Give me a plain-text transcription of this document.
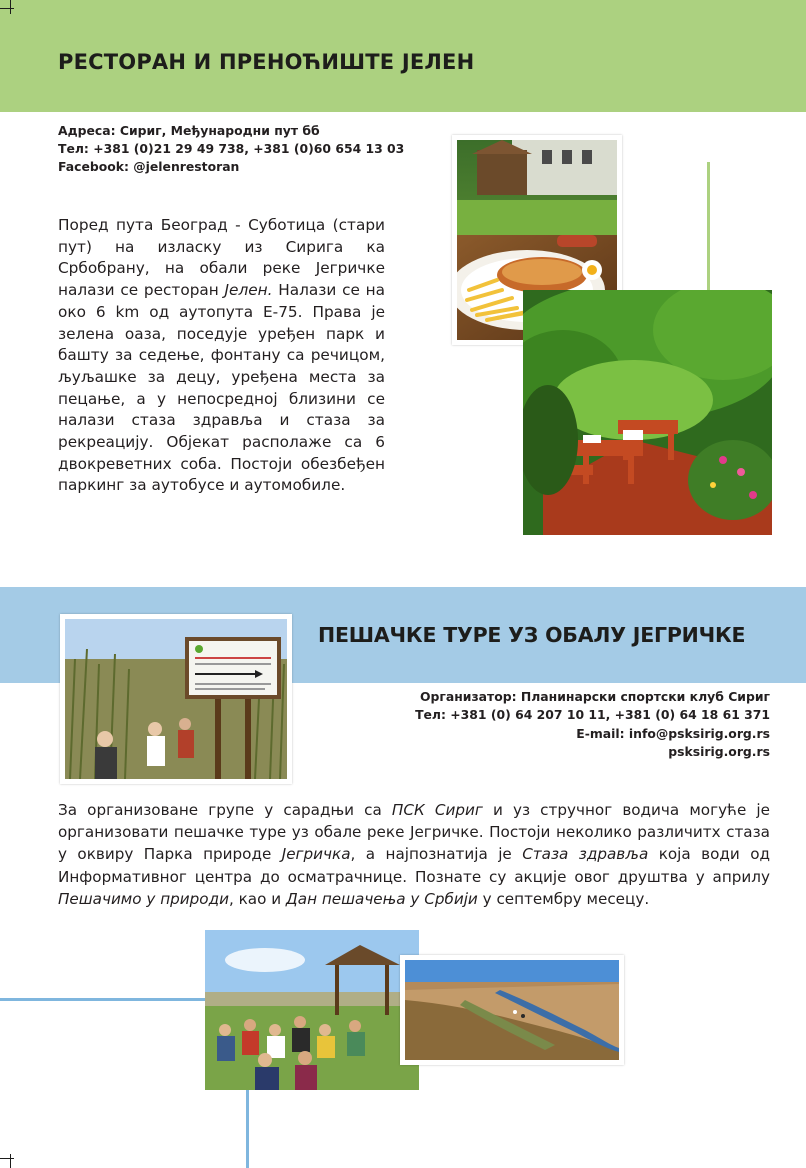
РЕСТОРАН И ПРЕНОЋИШТЕ ЈЕЛЕН
Адреса: Сириг, Међународни пут бб
Тел: +381 (0)21 29 49 738, +381 (0)60 654 13 03
Facebook: @jelenrestoran

Поред пута Београд - Суботица (стари пут) на изласку из Сирига ка Србобрану, на обали реке Јегричке налази се ресторан Јелен. Налази се на око 6 km од аутопута Е-75. Права је зелена оаза, поседује уређен парк и башту за седење, фонтану са речицом, љуљашке за децу, уређена места за пецање, а у непосредној близини се налази стаза здравља и стаза за рекреацију. Објекат располаже са 6 двокреветних соба. Постоји обезбеђен паркинг за аутобусе и аутомобиле.

ПЕШАЧКЕ ТУРЕ УЗ ОБАЛУ ЈЕГРИЧКЕ
Организатор: Планинарски спортски клуб Сириг
Тел: +381 (0) 64 207 10 11, +381 (0) 64 18 61 371
E-mail: info@psksirig.org.rs
psksirig.org.rs

За организоване групе у сарадњи са ПСК Сириг и уз стручног водича могуће је организовати пешачке туре уз обале реке Јегричке. Постоји неколико различитх стаза у оквиру Парка природе Јегричка, а најпознатија је Стаза здравља која води од Информативног центра до осматрачнице. Познате су акције овог друштва у априлу Пешачимо у природи, као и Дан пешачења у Србији у септембру месецу.
